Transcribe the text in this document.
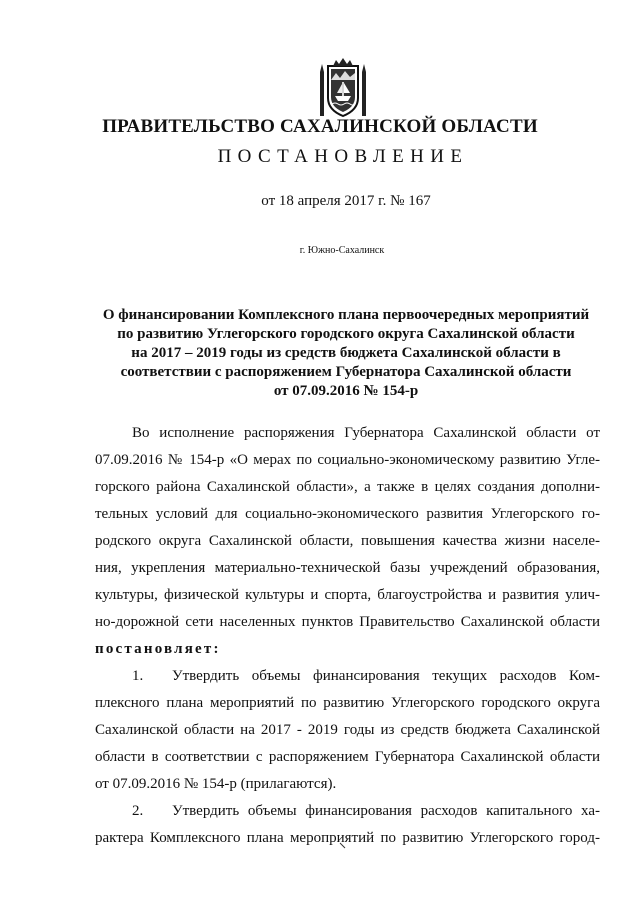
ПРАВИТЕЛЬСТВО САХАЛИНСКОЙ ОБЛАСТИ
ПОСТАНОВЛЕНИЕ
от 18 апреля 2017 г. № 167
г. Южно-Сахалинск
О финансировании Комплексного плана первоочередных мероприятий
по развитию Углегорского городского округа Сахалинской области
на 2017 – 2019 годы из средств бюджета Сахалинской области в
соответствии с распоряжением Губернатора Сахалинской области
от 07.09.2016 № 154-р
Во исполнение распоряжения Губернатора Сахалинской области от
07.09.2016 № 154-р «О мерах по социально-экономическому развитию Угле-
горского района Сахалинской области», а также в целях создания дополни-
тельных условий для социально-экономического развития Углегорского го-
родского округа Сахалинской области, повышения качества жизни населе-
ния, укрепления материально-технической базы учреждений образования,
культуры, физической культуры и спорта, благоустройства и развития улич-
но-дорожной сети населенных пунктов Правительство Сахалинской области
постановляет:
1.	Утвердить объемы финансирования текущих расходов Ком-
плексного плана мероприятий по развитию Углегорского городского округа
Сахалинской области на 2017 - 2019 годы из средств бюджета Сахалинской
области в соответствии с распоряжением Губернатора Сахалинской области
от 07.09.2016 № 154-р (прилагаются).
2.	Утвердить объемы финансирования расходов капитального ха-
рактера Комплексного плана мероприятий по развитию Углегорского город-
